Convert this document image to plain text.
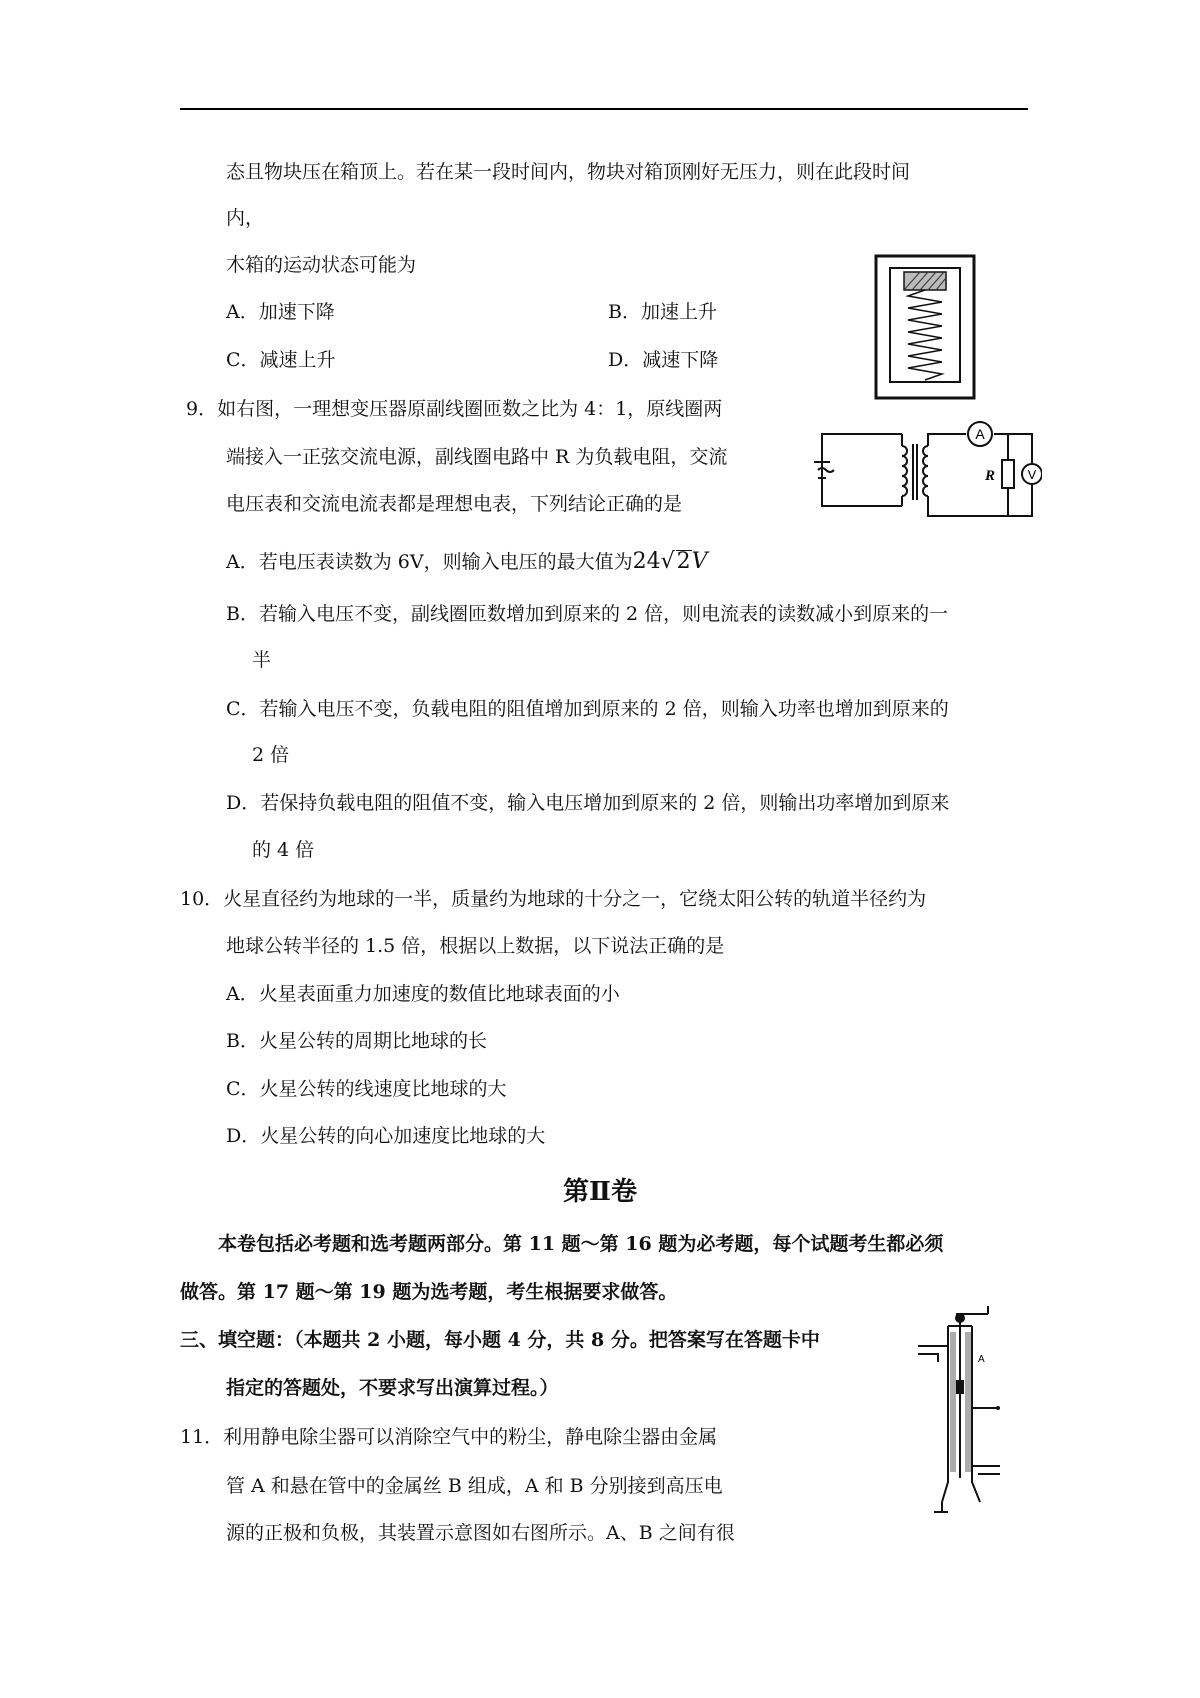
态且物块压在箱顶上。若在某一段时间内，物块对箱顶刚好无压力，则在此段时间
内，
木箱的运动状态可能为
A．加速下降	B．加速上升
C．减速上升	D．减速下降
9．如右图，一理想变压器原副线圈匝数之比为 4：1，原线圈两
端接入一正弦交流电源，副线圈电路中 R 为负载电阻，交流
电压表和交流电流表都是理想电表，下列结论正确的是
A
R	V
A．若电压表读数为 6V，则输入电压的最大值为24√2V
B．若输入电压不变，副线圈匝数增加到原来的 2 倍，则电流表的读数减小到原来的一
半
C．若输入电压不变，负载电阻的阻值增加到原来的 2 倍，则输入功率也增加到原来的
2 倍
D．若保持负载电阻的阻值不变，输入电压增加到原来的 2 倍，则输出功率增加到原来
的 4 倍
10．火星直径约为地球的一半，质量约为地球的十分之一，它绕太阳公转的轨道半径约为
地球公转半径的 1.5 倍，根据以上数据，以下说法正确的是
A．火星表面重力加速度的数值比地球表面的小
B．火星公转的周期比地球的长
C．火星公转的线速度比地球的大
D．火星公转的向心加速度比地球的大
第Ⅱ卷
本卷包括必考题和选考题两部分。第 11 题～第 16 题为必考题，每个试题考生都必须
做答。第 17 题～第 19 题为选考题，考生根据要求做答。
三、填空题：（本题共 2 小题，每小题 4 分，共 8 分。把答案写在答题卡中
指定的答题处，不要求写出演算过程。）
A
11．利用静电除尘器可以消除空气中的粉尘，静电除尘器由金属
管 A 和悬在管中的金属丝 B 组成，A 和 B 分别接到高压电
源的正极和负极，其装置示意图如右图所示。A、B 之间有很
